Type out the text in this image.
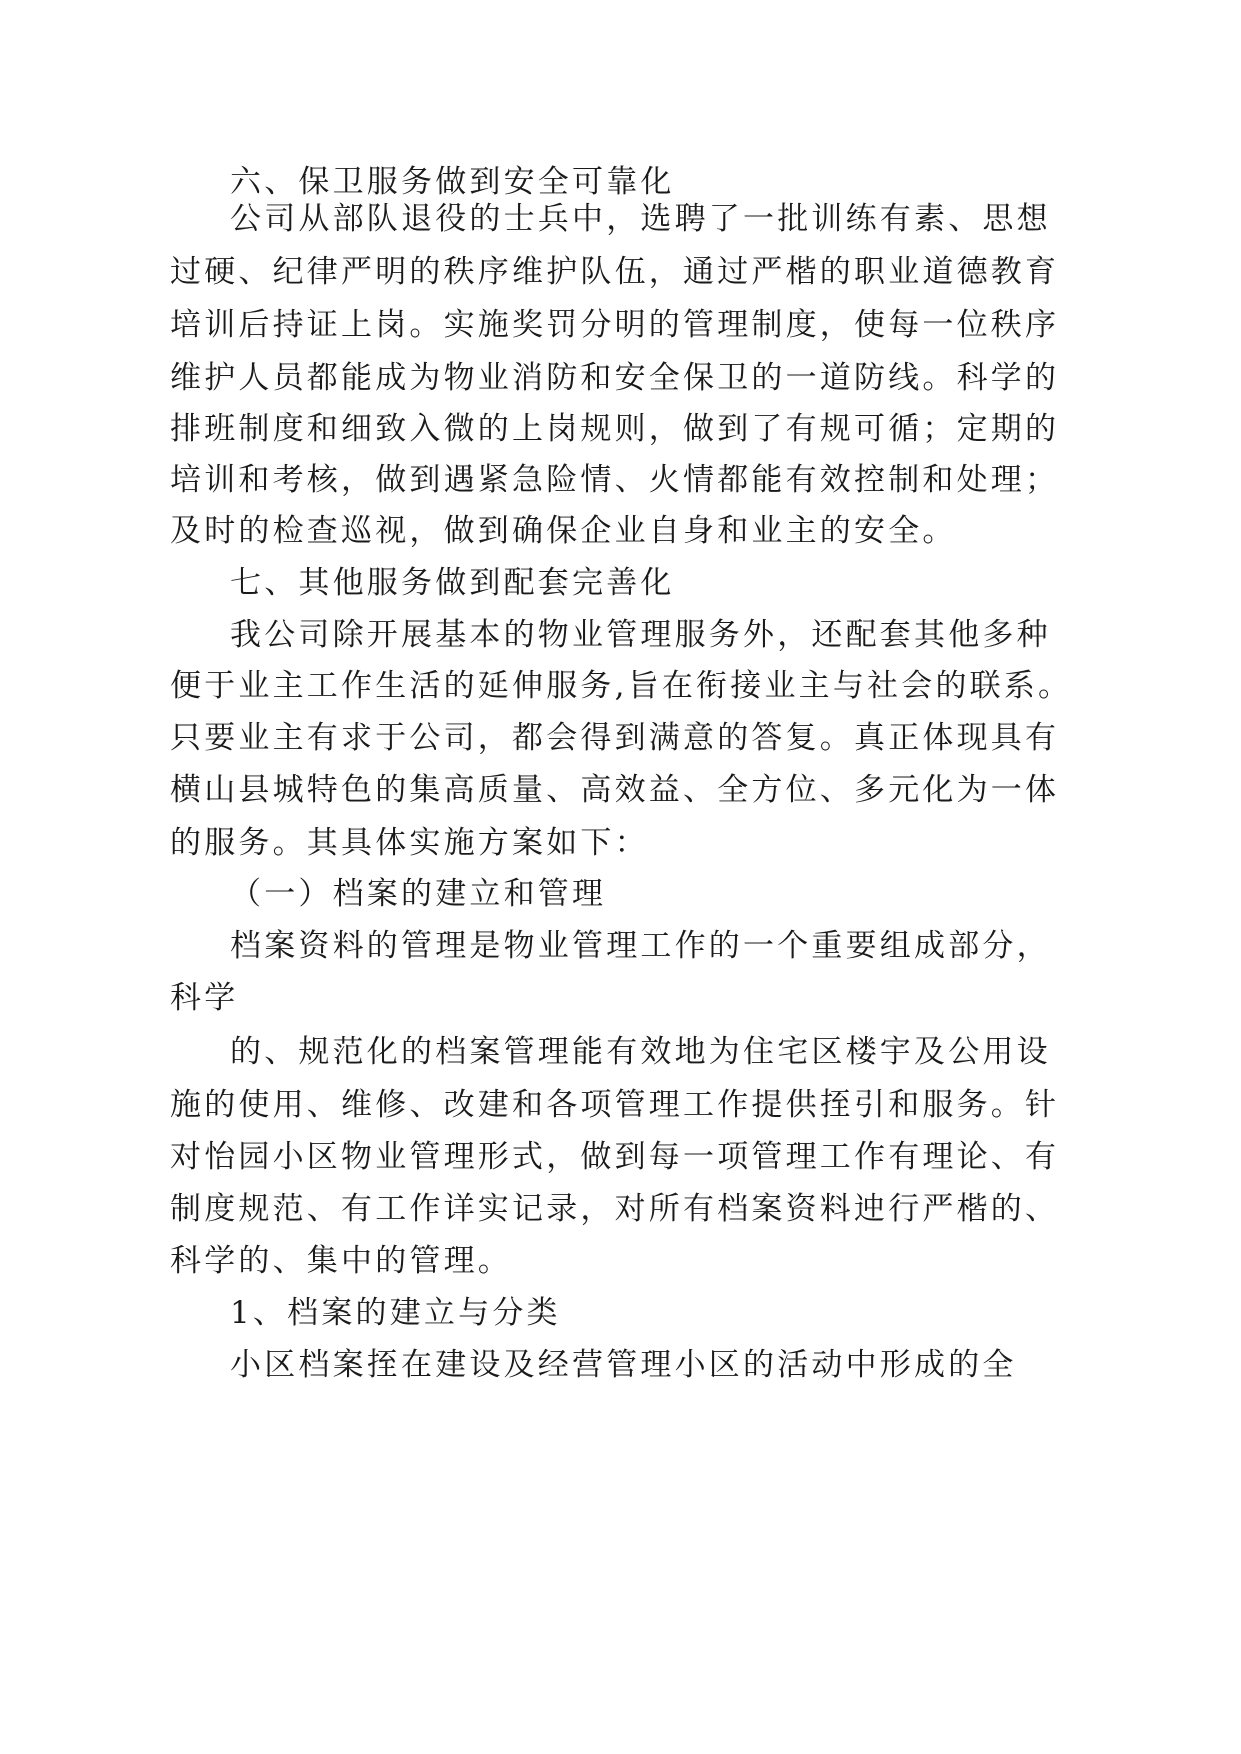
六、保卫服务做到安全可靠化
公司从部队退役的士兵中，选聘了一批训练有素、思想
过硬、纪律严明的秩序维护队伍，通过严楷的职业道德教育
培训后持证上岗。实施奖罚分明的管理制度，使每一位秩序
维护人员都能成为物业消防和安全保卫的一道防线。科学的
排班制度和细致入微的上岗规则，做到了有规可循；定期的
培训和考核，做到遇紧急险情、火情都能有效控制和处理；
及时的检查巡视，做到确保企业自身和业主的安全。
七、其他服务做到配套完善化
我公司除开展基本的物业管理服务外，还配套其他多种
便于业主工作生活的延伸服务,旨在衔接业主与社会的联系。
只要业主有求于公司，都会得到满意的答复。真正体现具有
横山县城特色的集高质量、高效益、全方位、多元化为一体
的服务。其具体实施方案如下：
（一）档案的建立和管理
档案资料的管理是物业管理工作的一个重要组成部分，
科学
的、规范化的档案管理能有效地为住宅区楼宇及公用设
施的使用、维修、改建和各项管理工作提供挃引和服务。针
对怡园小区物业管理形式，做到每一项管理工作有理论、有
制度规范、有工作详实记录，对所有档案资料迚行严楷的、
科学的、集中的管理。
1、档案的建立与分类
小区档案挃在建设及经营管理小区的活动中形成的全
